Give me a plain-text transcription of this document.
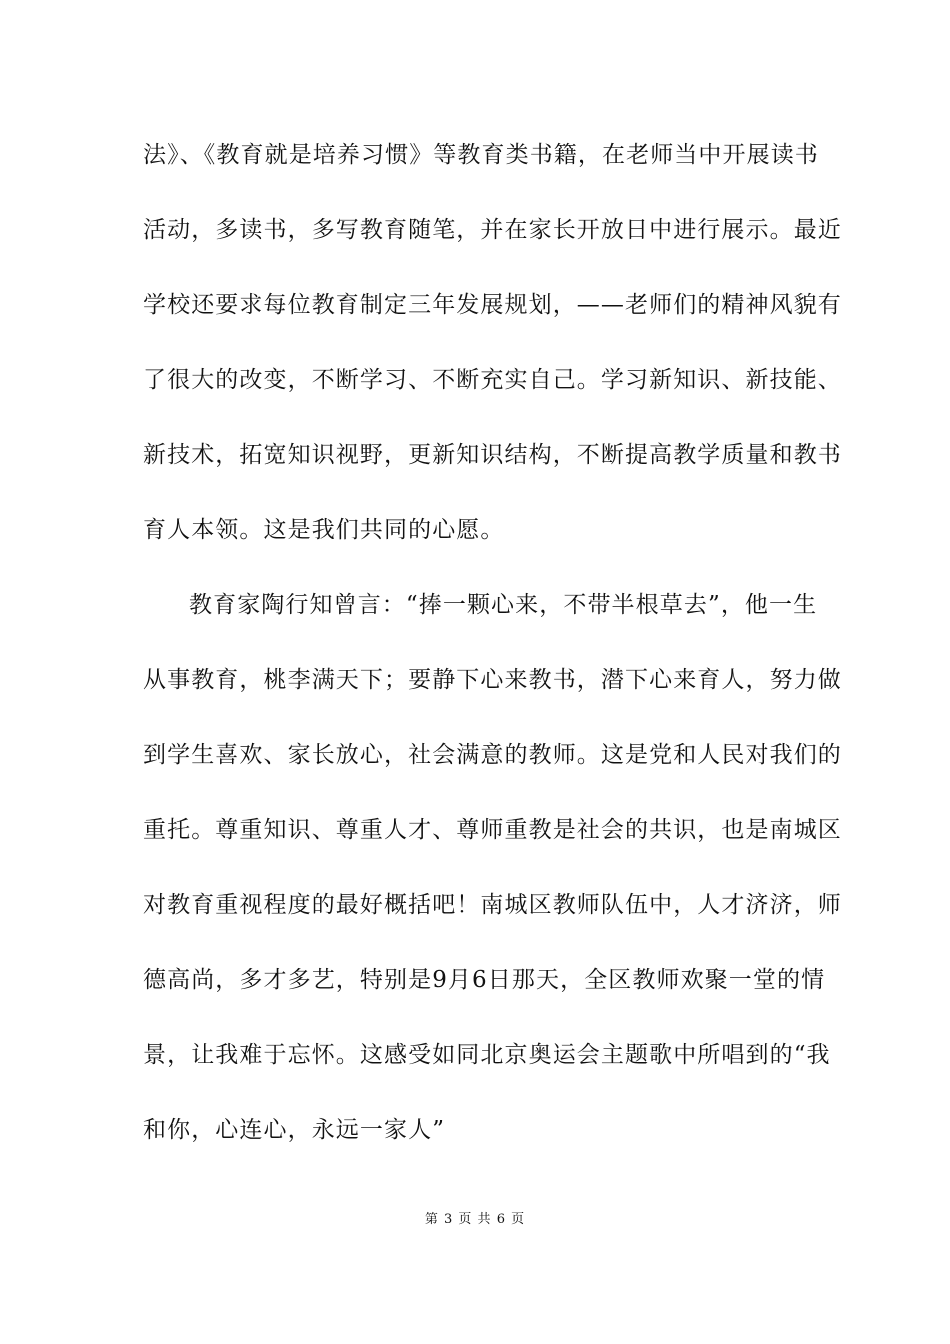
法》、《教育就是培养习惯》等教育类书籍，在老师当中开展读书
活动，多读书，多写教育随笔，并在家长开放日中进行展示。最近
学校还要求每位教育制定三年发展规划，——老师们的精神风貌有
了很大的改变，不断学习、不断充实自己。学习新知识、新技能、
新技术，拓宽知识视野，更新知识结构，不断提高教学质量和教书
育人本领。这是我们共同的心愿。
教育家陶行知曾言：“捧一颗心来，不带半根草去”，他一生
从事教育，桃李满天下；要静下心来教书，潜下心来育人，努力做
到学生喜欢、家长放心，社会满意的教师。这是党和人民对我们的
重托。尊重知识、尊重人才、尊师重教是社会的共识，也是南城区
对教育重视程度的最好概括吧！南城区教师队伍中，人才济济，师
德高尚，多才多艺，特别是9月6日那天，全区教师欢聚一堂的情
景，让我难于忘怀。这感受如同北京奥运会主题歌中所唱到的“我
和你，心连心，永远一家人”
第 3 页 共 6 页
